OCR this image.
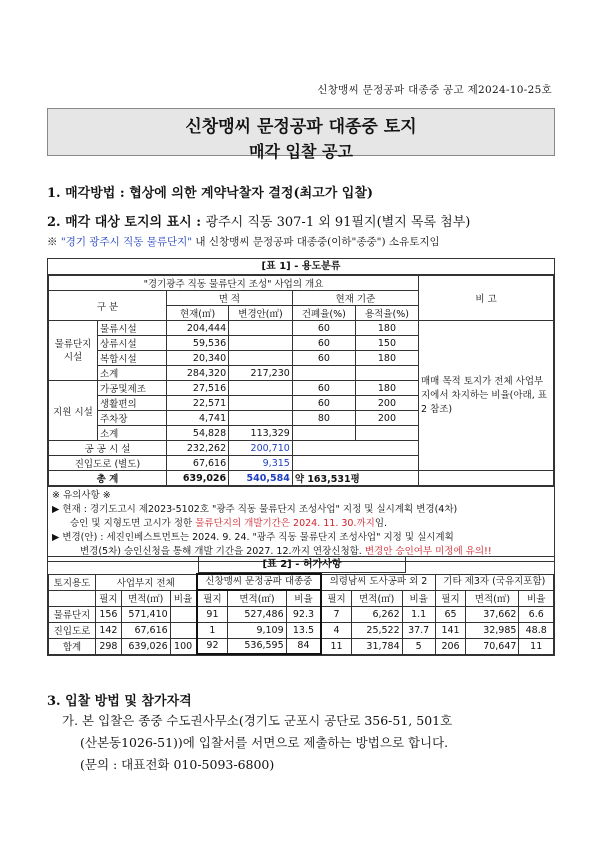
신창맹씨 문정공파 대종중 공고 제2024-10-25호
신창맹씨 문정공파 대종중 토지
매각 입찰 공고
1. 매각방법 : 협상에 의한 계약낙찰자 결정(최고가 입찰)
2. 매각 대상 토지의 표시 : 광주시 직동 307-1 외 91필지(별지 목록 첨부)
※ "경기 광주시 직동 물류단지" 내 신창맹씨 문정공파 대종중(이하"종중") 소유토지임
[표 1] - 용도분류
"경기광주 직동 물류단지 조성" 사업의 개요						비 고
구 분		면 적		현재 기준		
		현재(㎡)	변경안(㎡)	건폐율(%)	용적율(%)	
물류단지 시설	물류시설	204,444		60	180	매매 목적 토지가 전체 사업부지에서 차지하는 비율(아래, 표2 참조)
	상류시설	59,536		60	150	
	복합시설	20,340		60	180	
	소계	284,320	217,230			
지원 시설	가공및제조	27,516		60	180	
	생활편의	22,571		60	200	
	주차장	4,741		80	200	
	소계	54,828	113,329			
공 공 시 설		232,262	200,710			
진입도로 (별도)		67,616	9,315			
총 계		639,026	540,584	약 163,531평		
※ 유의사항 ※
▶ 현재 : 경기도고시 제2023-5102호 "광주 직동 물류단지 조성사업" 지정 및 실시계획 변경(4차)
승인 및 지형도면 고시가 정한 물류단지의 개발기간은 2024. 11. 30.까지임.
▶ 변경(안) : 세진인베스트먼트는 2024. 9. 24. "광주 직동 물류단지 조성사업" 지정 및 실시계획
변경(5차) 승인신청을 통해 개발 기간을 2027. 12.까지 연장신청함. 변경안 승인여부 미정에 유의!!
[표 2] - 허가사항
토지용도	사업부지 전체			신창맹씨 문정공파 대종중			의령남씨 도사공파 외 2			기타 제3자 (국유지포함)		

	필지	면적(㎡)	비율	필지	면적(㎡)	비율	필지	면적(㎡)	비율	필지	면적(㎡)	비율
물류단지	156	571,410		91	527,486	92.3	7	6,262	1.1	65	37,662	6.6
진입도로	142	67,616		1	9,109	13.5	4	25,522	37.7	141	32,985	48.8
합계	298	639,026	100	92	536,595	84	11	31,784	5	206	70,647	11
3. 입찰 방법 및 참가자격
가. 본 입찰은 종중 수도권사무소(경기도 군포시 공단로 356-51, 501호
(산본동1026-51))에 입찰서를 서면으로 제출하는 방법으로 합니다.
(문의 : 대표전화 010-5093-6800)
